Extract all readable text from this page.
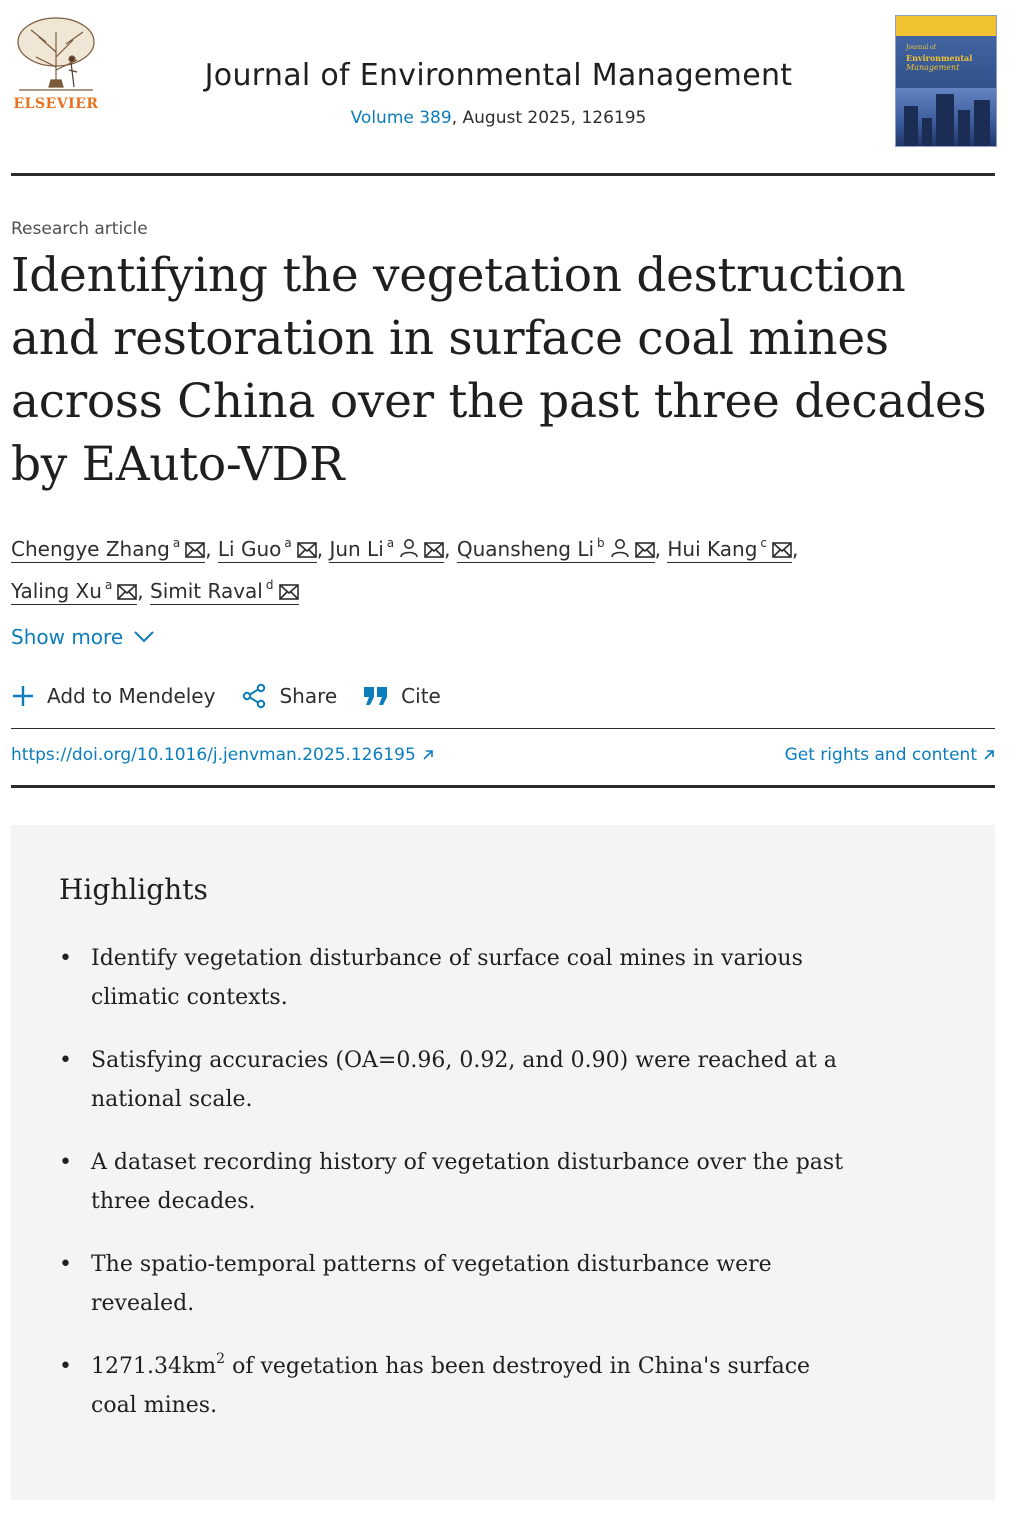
ELSEVIER
Journal of Environmental Management
Volume 389, August 2025, 126195
Journal of
Environmental
Management
Research article
Identifying the vegetation destruction and restoration in surface coal mines across China over the past three decades by EAuto-VDR
Chengye Zhang $^a$ , Li Guo $^a$ , Jun Li $^a$	, Quansheng Li $^b$	, Hui Kang $^c$ ,
Yaling Xu $^a$ , Simit Raval $^d$
Show more
Add to Mendeley	Share	Cite
https://doi.org/10.1016/j.jenvman.2025.126195	Get rights and content
Highlights
• Identify vegetation disturbance of surface coal mines in various climatic contexts.
• Satisfying accuracies (OA=0.96, 0.92, and 0.90) were reached at a national scale.
• A dataset recording history of vegetation disturbance over the past three decades.
• The spatio-temporal patterns of vegetation disturbance were revealed.
• $1271.34km^2$ of vegetation has been destroyed in China's surface coal mines.
